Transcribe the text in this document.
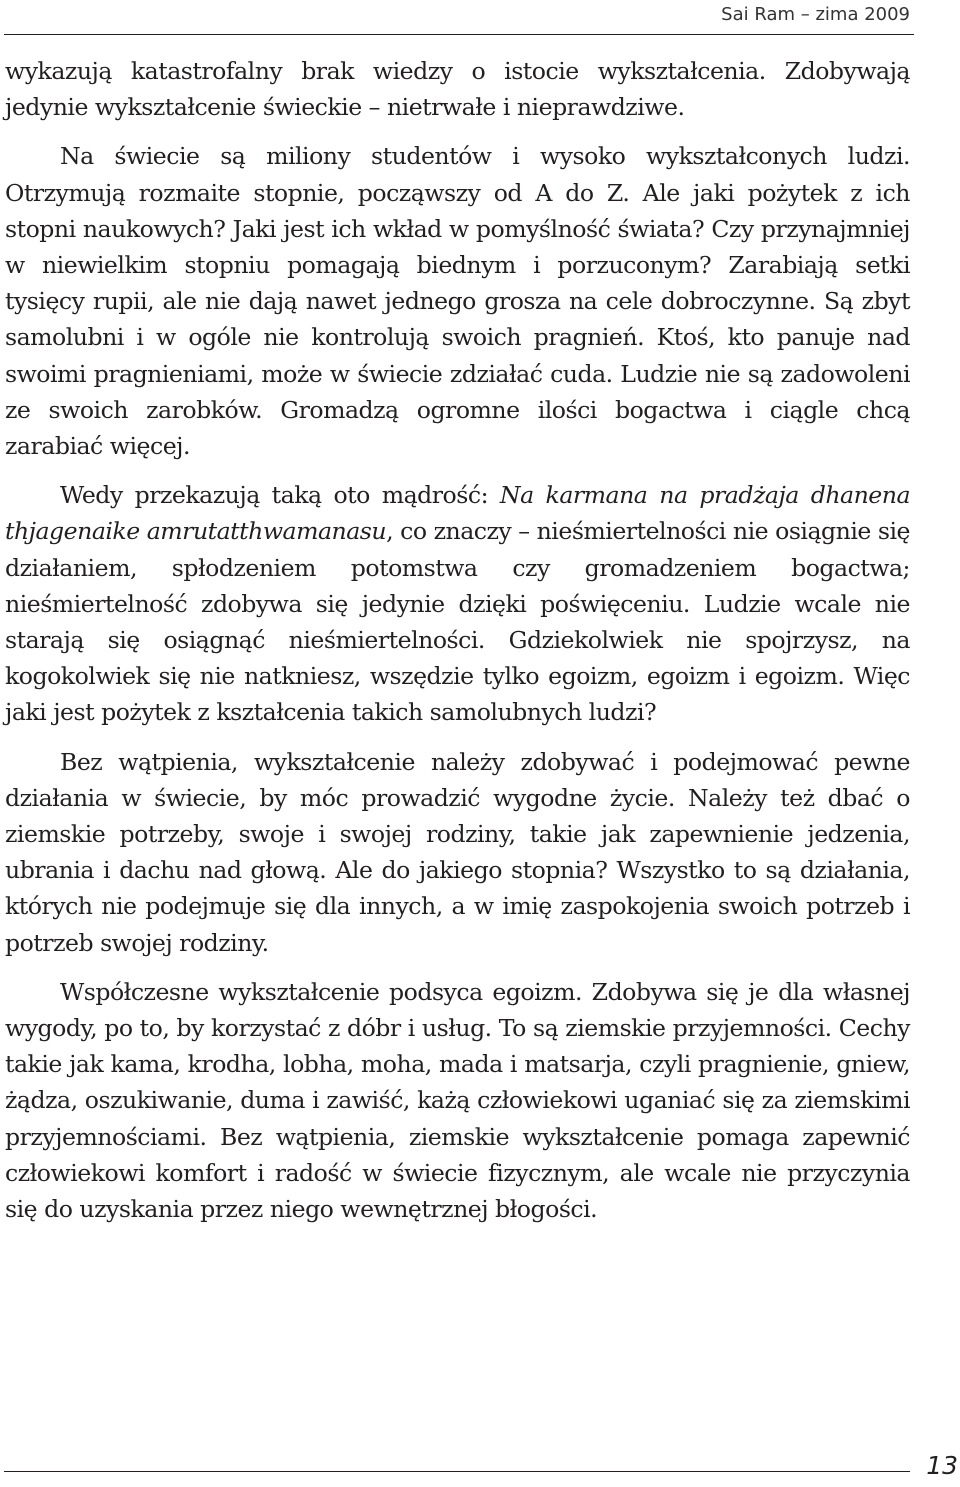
Sai Ram – zima 2009

wykazują katastrofalny brak wiedzy o istocie wykształcenia. Zdobywają jedynie wykształcenie świeckie – nietrwałe i nieprawdziwe.

Na świecie są miliony studentów i wysoko wykształconych ludzi. Otrzymują rozmaite stopnie, począwszy od A do Z. Ale jaki pożytek z ich stopni naukowych? Jaki jest ich wkład w pomyślność świata? Czy przynajmniej w niewielkim stopniu pomagają biednym i porzuconym? Zarabiają setki tysięcy rupii, ale nie dają nawet jednego grosza na cele dobroczynne. Są zbyt samolubni i w ogóle nie kontrolują swoich pragnień. Ktoś, kto panuje nad swoimi pragnieniami, może w świecie zdziałać cuda. Ludzie nie są zadowoleni ze swoich zarobków. Gromadzą ogromne ilości bogactwa i ciągle chcą zarabiać więcej.

Wedy przekazują taką oto mądrość: Na karmana na pradżaja dhanena thjagenaike amrutatthwamanasu, co znaczy – nieśmiertelności nie osiągnie się działaniem, spłodzeniem potomstwa czy gromadzeniem bogactwa; nieśmiertelność zdobywa się jedynie dzięki poświęceniu. Ludzie wcale nie starają się osiągnąć nieśmiertelności. Gdziekolwiek nie spojrzysz, na kogokolwiek się nie natkniesz, wszędzie tylko egoizm, egoizm i egoizm. Więc jaki jest pożytek z kształcenia takich samolubnych ludzi?

Bez wątpienia, wykształcenie należy zdobywać i podejmować pewne działania w świecie, by móc prowadzić wygodne życie. Należy też dbać o ziemskie potrzeby, swoje i swojej rodziny, takie jak zapewnienie jedzenia, ubrania i dachu nad głową. Ale do jakiego stopnia? Wszystko to są działania, których nie podejmuje się dla innych, a w imię zaspokojenia swoich potrzeb i potrzeb swojej rodziny.

Współczesne wykształcenie podsyca egoizm. Zdobywa się je dla własnej wygody, po to, by korzystać z dóbr i usług. To są ziemskie przyjemności. Cechy takie jak kama, krodha, lobha, moha, mada i matsarja, czyli pragnienie, gniew, żądza, oszukiwanie, duma i zawiść, każą człowiekowi uganiać się za ziemskimi przyjemnościami. Bez wątpienia, ziemskie wykształcenie pomaga zapewnić człowiekowi komfort i radość w świecie fizycznym, ale wcale nie przyczynia się do uzyskania przez niego wewnętrznej błogości.

13
